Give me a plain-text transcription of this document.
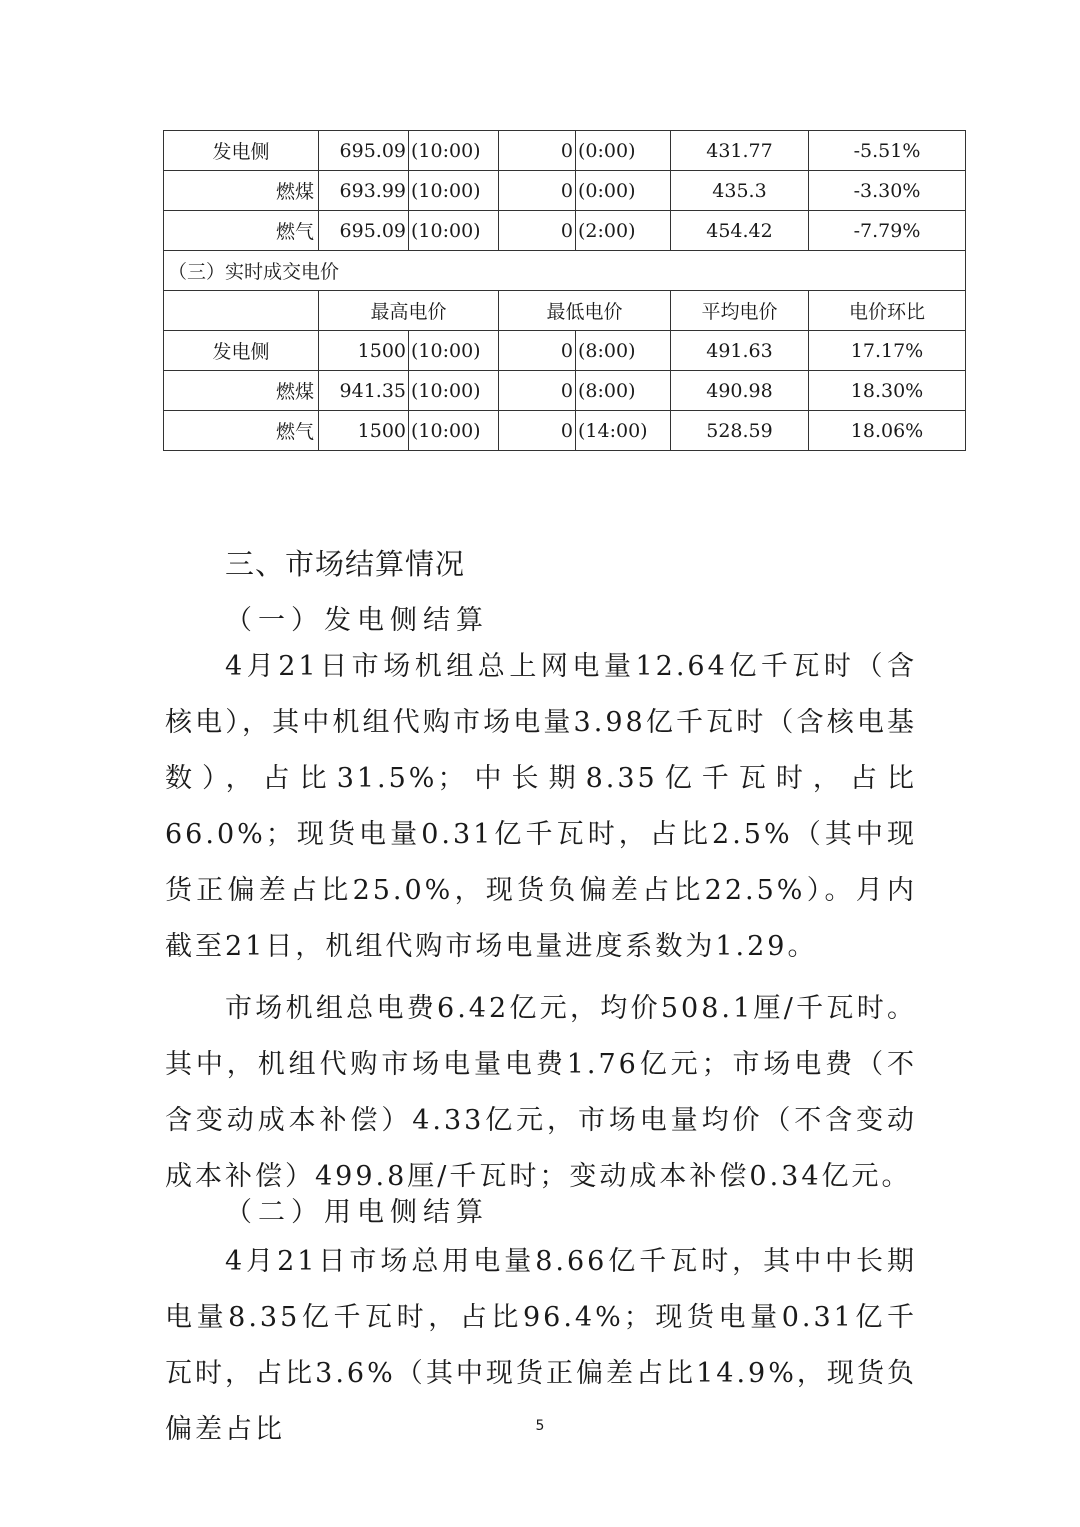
发电侧	695.09	(10:00)	0	(0:00)	431.77	-5.51%
燃煤	693.99	(10:00)	0	(0:00)	435.3	-3.30%
燃气	695.09	(10:00)	0	(2:00)	454.42	-7.79%
（三）实时成交电价						
	最高电价		最低电价		平均电价	电价环比
发电侧	1500	(10:00)	0	(8:00)	491.63	17.17%
燃煤	941.35	(10:00)	0	(8:00)	490.98	18.30%
燃气	1500	(10:00)	0	(14:00)	528.59	18.06%
三、市场结算情况
（一）发电侧结算
4月21日市场机组总上网电量12.64亿千瓦时（含核电），其中机组代购市场电量3.98亿千瓦时（含核电基数），占比31.5%；中长期8.35亿千瓦时，占比66.0%；现货电量0.31亿千瓦时，占比2.5%（其中现货正偏差占比25.0%，现货负偏差占比22.5%）。月内截至21日，机组代购市场电量进度系数为1.29。
市场机组总电费6.42亿元，均价508.1厘/千瓦时。其中，机组代购市场电量电费1.76亿元；市场电费（不含变动成本补偿）4.33亿元，市场电量均价（不含变动成本补偿）499.8厘/千瓦时；变动成本补偿0.34亿元。
（二）用电侧结算
4月21日市场总用电量8.66亿千瓦时，其中中长期电量8.35亿千瓦时，占比96.4%；现货电量0.31亿千瓦时，占比3.6%（其中现货正偏差占比14.9%，现货负偏差占比	5
